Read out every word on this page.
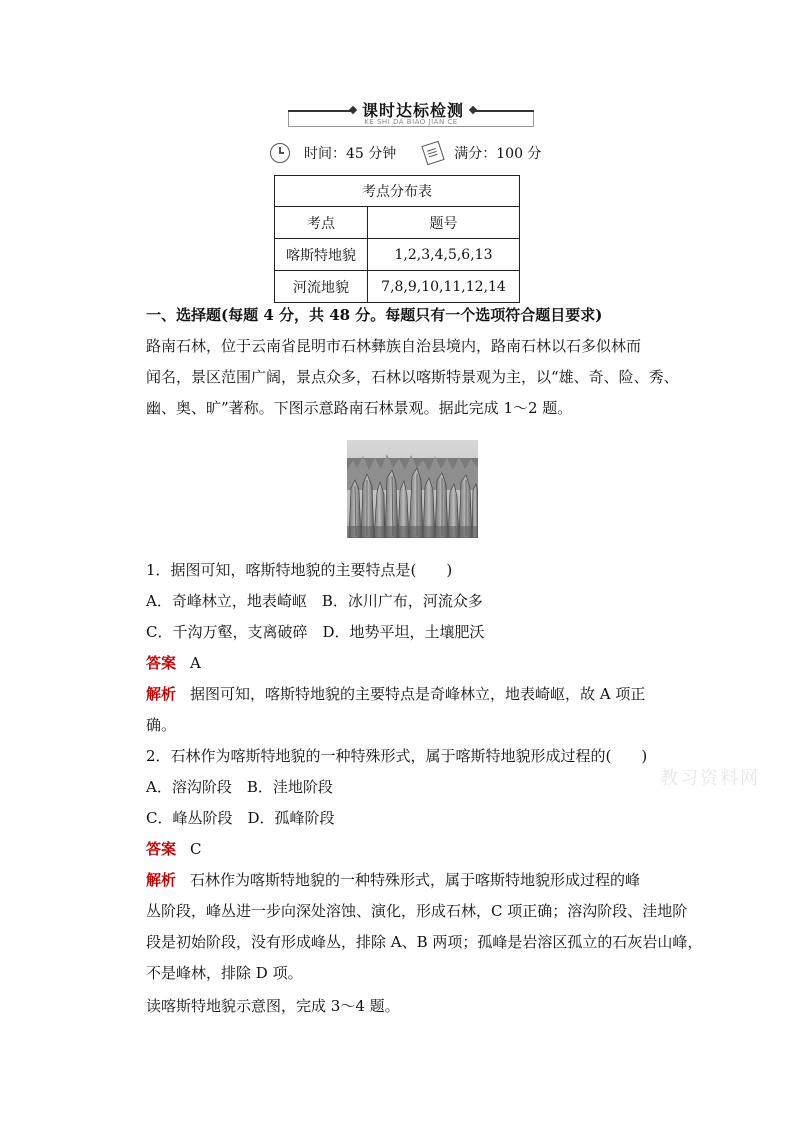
课时达标检测
KE SHI DA BIAO JIAN CE
时间：45 分钟	满分：100 分
考点分布表	
考点	题号
喀斯特地貌	1,2,3,4,5,6,13
河流地貌	7,8,9,10,11,12,14
一、选择题(每题 4 分，共 48 分。每题只有一个选项符合题目要求)
路南石林，位于云南省昆明市石林彝族自治县境内，路南石林以石多似林而
闻名，景区范围广阔，景点众多，石林以喀斯特景观为主，以“雄、奇、险、秀、
幽、奥、旷”著称。下图示意路南石林景观。据此完成 1～2 题。
1．据图可知，喀斯特地貌的主要特点是(　　)
A．奇峰林立，地表崎岖　B．冰川广布，河流众多
C．千沟万壑，支离破碎　D．地势平坦，土壤肥沃
答案 A
解析 据图可知，喀斯特地貌的主要特点是奇峰林立，地表崎岖，故 A 项正
确。
2．石林作为喀斯特地貌的一种特殊形式，属于喀斯特地貌形成过程的(　　)
A．溶沟阶段　B．洼地阶段
C．峰丛阶段　D．孤峰阶段
答案 C
解析 石林作为喀斯特地貌的一种特殊形式，属于喀斯特地貌形成过程的峰
丛阶段，峰丛进一步向深处溶蚀、演化，形成石林，C 项正确；溶沟阶段、洼地阶
段是初始阶段，没有形成峰丛，排除 A、B 两项；孤峰是岩溶区孤立的石灰岩山峰，
不是峰林，排除 D 项。
读喀斯特地貌示意图，完成 3～4 题。
教习资料网
